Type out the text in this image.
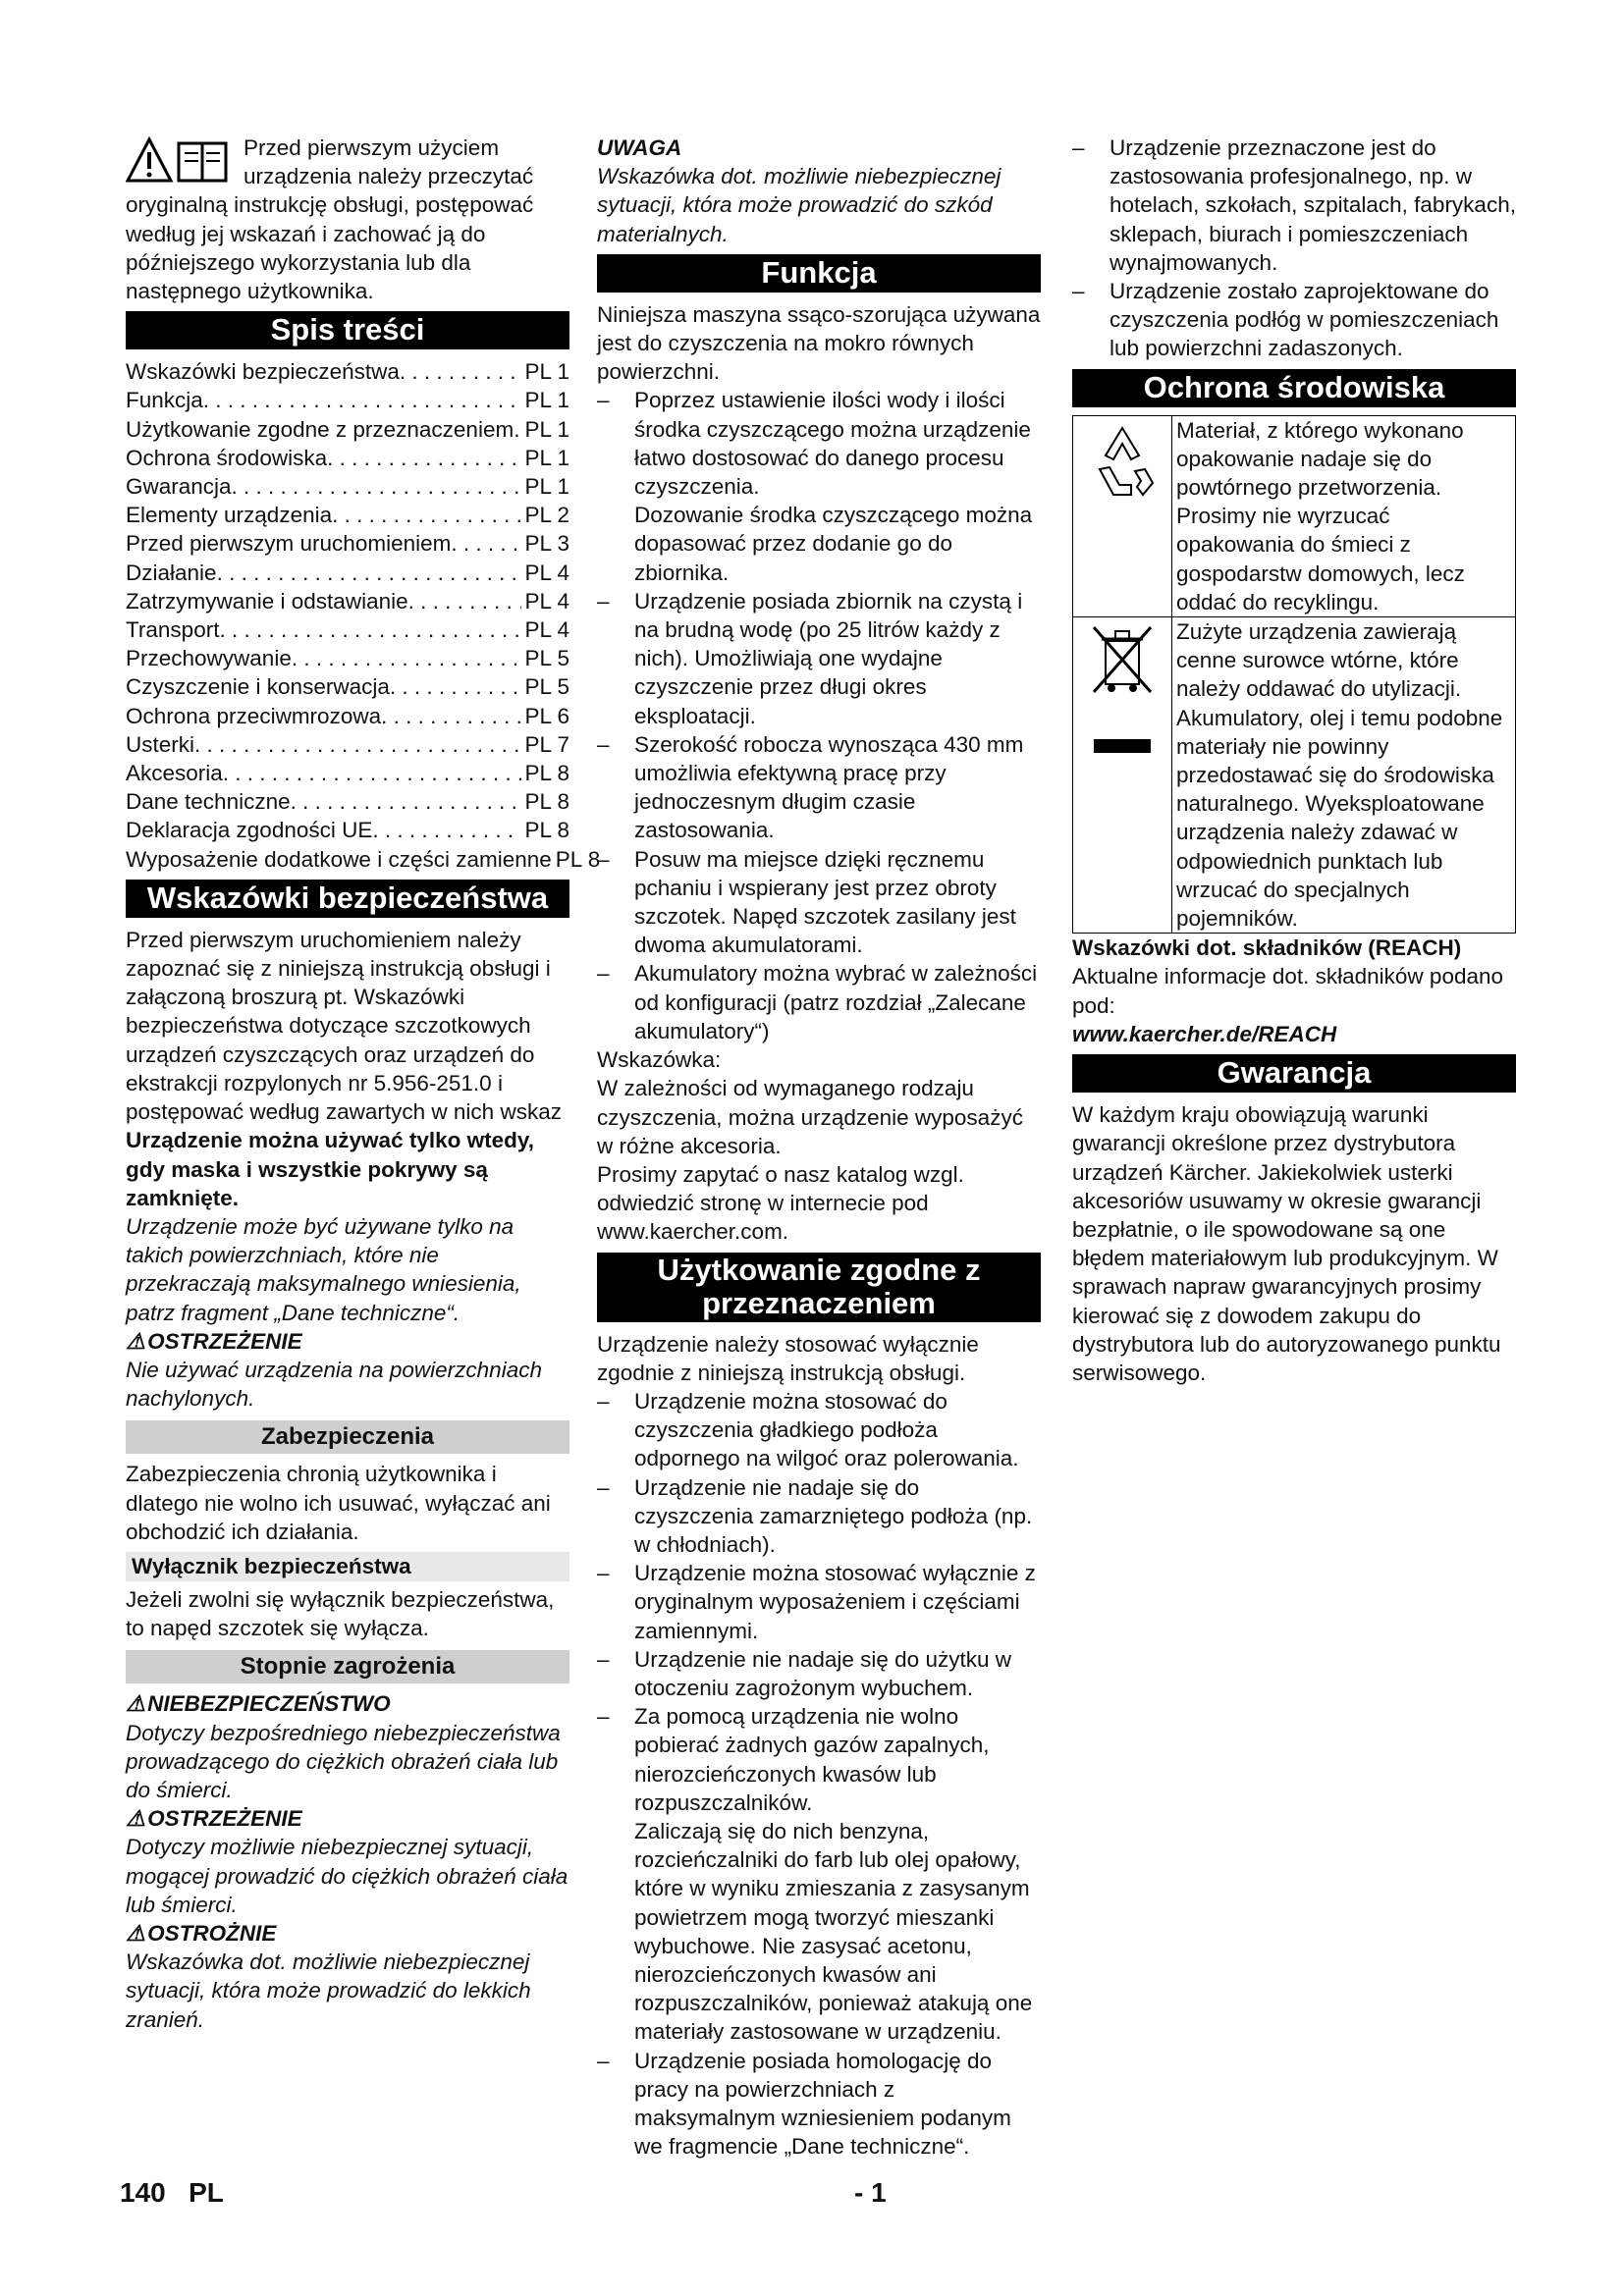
Przed pierwszym użyciem urządzenia należy przeczytać oryginalną instrukcję obsługi, postępować według jej wskazań i zachować ją do późniejszego wykorzystania lub dla następnego użytkownika.

Spis treści
Wskazówki bezpieczeństwa . . .	PL 1
Funkcja . . .	PL 1
Użytkowanie zgodne z przeznaczeniem . . . PL 1
Ochrona środowiska . . .	PL 1
Gwarancja . . .	PL 1
Elementy urządzenia . . .	PL 2
Przed pierwszym uruchomieniem . . .	PL 3
Działanie . . .	PL 4
Zatrzymywanie i odstawianie . . .	PL 4
Transport . . .	PL 4
Przechowywanie . . .	PL 5
Czyszczenie i konserwacja . . .	PL 5
Ochrona przeciwmrozowa . . .	PL 6
Usterki . . .	PL 7
Akcesoria . . .	PL 8
Dane techniczne . . .	PL 8
Deklaracja zgodności UE . . .	PL 8
Wyposażenie dodatkowe i części zamienne PL 8
Wskazówki bezpieczeństwa

Przed pierwszym uruchomieniem należy zapoznać się z niniejszą instrukcją obsługi i załączoną broszurą pt. Wskazówki bezpieczeństwa dotyczące szczotkowych urządzeń czyszczących oraz urządzeń do ekstrakcji rozpylonych nr 5.956-251.0 i postępować według zawartych w nich wskaz

Urządzenie można używać tylko wtedy, gdy maska i wszystkie pokrywy są zamknięte.

Urządzenie może być używane tylko na takich powierzchniach, które nie przekraczają maksymalnego wniesienia, patrz fragment „Dane techniczne“.

⚠ OSTRZEŻENIE

Nie używać urządzenia na powierzchniach nachylonych.

Zabezpieczenia

Zabezpieczenia chronią użytkownika i dlatego nie wolno ich usuwać, wyłączać ani obchodzić ich działania.

Wyłącznik bezpieczeństwa

Jeżeli zwolni się wyłącznik bezpieczeństwa, to napęd szczotek się wyłącza.

Stopnie zagrożenia
⚠ NIEBEZPIECZEŃSTWO

Dotyczy bezpośredniego niebezpieczeństwa prowadzącego do ciężkich obrażeń ciała lub do śmierci.

⚠ OSTRZEŻENIE

Dotyczy możliwie niebezpiecznej sytuacji, mogącej prowadzić do ciężkich obrażeń ciała lub śmierci.

⚠ OSTROŻNIE

Wskazówka dot. możliwie niebezpiecznej sytuacji, która może prowadzić do lekkich zranień.

UWAGA

Wskazówka dot. możliwie niebezpiecznej sytuacji, która może prowadzić do szkód materialnych.

Funkcja

Niniejsza maszyna ssąco-szorująca używana jest do czyszczenia na mokro równych powierzchni.

– Poprzez ustawienie ilości wody i ilości środka czyszczącego można urządzenie łatwo dostosować do danego procesu czyszczenia.
Dozowanie środka czyszczącego można dopasować przez dodanie go do zbiornika.
– Urządzenie posiada zbiornik na czystą i na brudną wodę (po 25 litrów każdy z nich). Umożliwiają one wydajne czyszczenie przez długi okres eksploatacji.
– Szerokość robocza wynosząca 430 mm umożliwia efektywną pracę przy jednoczesnym długim czasie zastosowania.
– Posuw ma miejsce dzięki ręcznemu pchaniu i wspierany jest przez obroty szczotek. Napęd szczotek zasilany jest dwoma akumulatorami.
– Akumulatory można wybrać w zależności od konfiguracji (patrz rozdział „Zalecane akumulatory“)

Wskazówka:

W zależności od wymaganego rodzaju czyszczenia, można urządzenie wyposażyć w różne akcesoria.

Prosimy zapytać o nasz katalog wzgl. odwiedzić stronę w internecie pod www.kaercher.com.

Użytkowanie zgodne z przeznaczeniem

Urządzenie należy stosować wyłącznie zgodnie z niniejszą instrukcją obsługi.

– Urządzenie można stosować do czyszczenia gładkiego podłoża odpornego na wilgoć oraz polerowania.
– Urządzenie nie nadaje się do czyszczenia zamarzniętego podłoża (np. w chłodniach).
– Urządzenie można stosować wyłącznie z oryginalnym wyposażeniem i częściami zamiennymi.
– Urządzenie nie nadaje się do użytku w otoczeniu zagrożonym wybuchem.
– Za pomocą urządzenia nie wolno pobierać żadnych gazów zapalnych, nierozcieńczonych kwasów lub rozpuszczalników.
Zaliczają się do nich benzyna, rozcieńczalniki do farb lub olej opałowy, które w wyniku zmieszania z zasysanym powietrzem mogą tworzyć mieszanki wybuchowe. Nie zasysać acetonu, nierozcieńczonych kwasów ani rozpuszczalników, ponieważ atakują one materiały zastosowane w urządzeniu.
– Urządzenie posiada homologację do pracy na powierzchniach z maksymalnym wzniesieniem podanym we fragmencie „Dane techniczne“.
– Urządzenie przeznaczone jest do zastosowania profesjonalnego, np. w hotelach, szkołach, szpitalach, fabrykach, sklepach, biurach i pomieszczeniach wynajmowanych.
– Urządzenie zostało zaprojektowane do czyszczenia podłóg w pomieszczeniach lub powierzchni zadaszonych.
Ochrona środowiska
Materiał, z którego wykonano opakowanie nadaje się do powtórnego przetworzenia. Prosimy nie wyrzucać opakowania do śmieci z gospodarstw domowych, lecz oddać do recyklingu.
Zużyte urządzenia zawierają cenne surowce wtórne, które należy oddawać do utylizacji. Akumulatory, olej i temu podobne materiały nie powinny przedostawać się do środowiska naturalnego. Wyeksploatowane urządzenia należy zdawać w odpowiednich punktach lub wrzucać do specjalnych pojemników.

Wskazówki dot. składników (REACH)

Aktualne informacje dot. składników podano pod:

www.kaercher.de/REACH

Gwarancja

W każdym kraju obowiązują warunki gwarancji określone przez dystrybutora urządzeń Kärcher. Jakiekolwiek usterki akcesoriów usuwamy w okresie gwarancji bezpłatnie, o ile spowodowane są one błędem materiałowym lub produkcyjnym. W sprawach napraw gwarancyjnych prosimy kierować się z dowodem zakupu do dystrybutora lub do autoryzowanego punktu serwisowego.

140 PL	- 1
